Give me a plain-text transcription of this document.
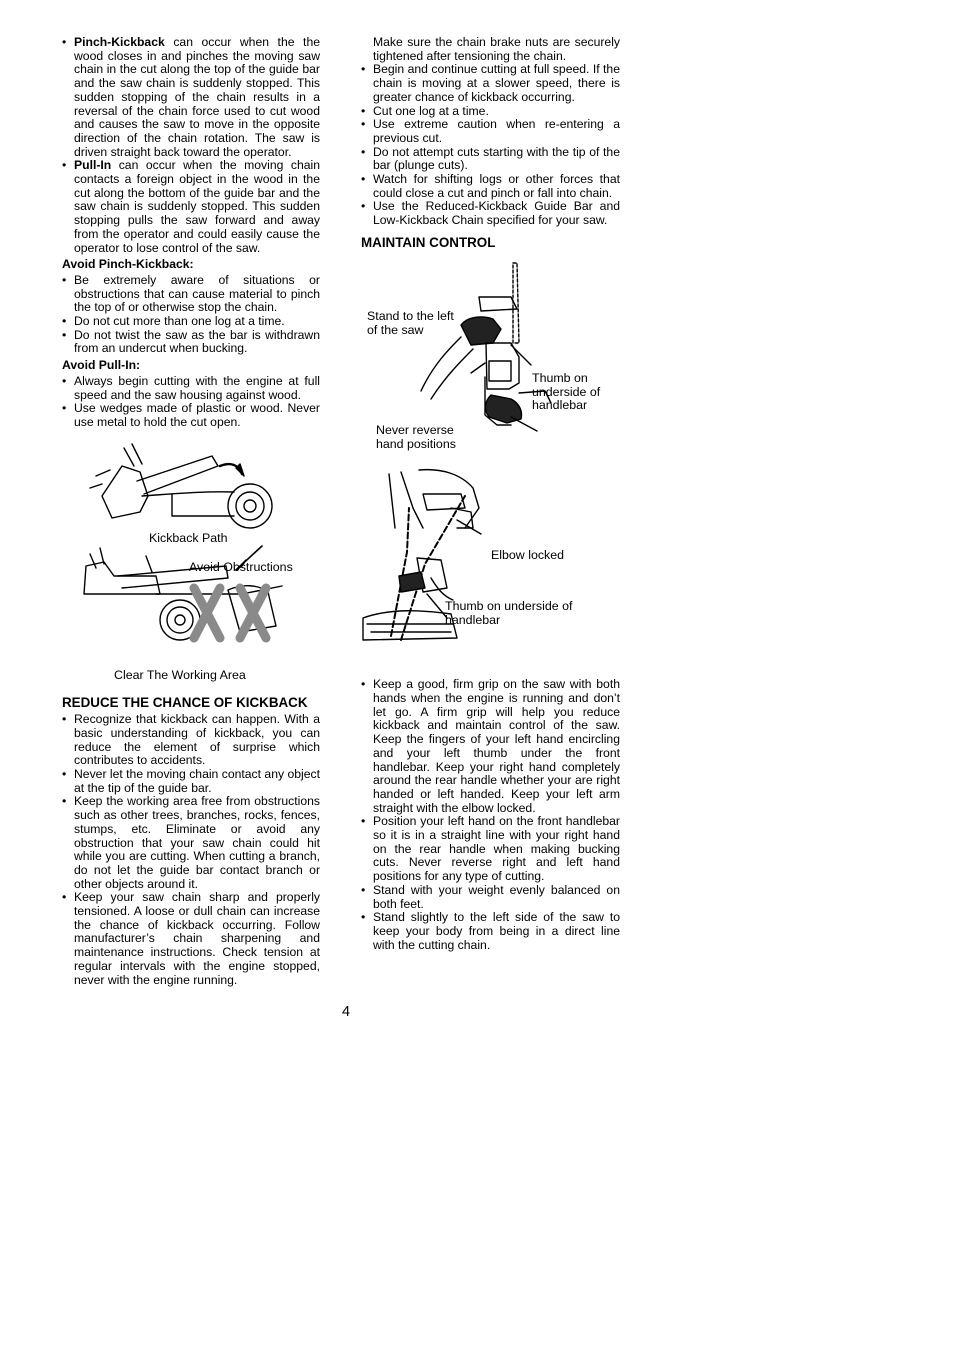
• Pinch-Kickback can occur when the the wood closes in and pinches the moving saw chain in the cut along the top of the guide bar and the saw chain is suddenly stopped. This sudden stopping of the chain results in a reversal of the chain force used to cut wood and causes the saw to move in the opposite direction of the chain rotation. The saw is driven straight back toward the operator.
• Pull-In can occur when the moving chain contacts a foreign object in the wood in the cut along the bottom of the guide bar and the saw chain is suddenly stopped. This sudden stopping pulls the saw forward and away from the operator and could easily cause the operator to lose control of the saw.
Avoid Pinch-Kickback:
• Be extremely aware of situations or obstructions that can cause material to pinch the top of or otherwise stop the chain.
• Do not cut more than one log at a time.
• Do not twist the saw as the bar is withdrawn from an undercut when bucking.
Avoid Pull-In:
• Always begin cutting with the engine at full speed and the saw housing against wood.
• Use wedges made of plastic or wood. Never use metal to hold the cut open.
Kickback Path
Avoid Obstructions
Clear The Working Area
REDUCE THE CHANCE OF KICKBACK
• Recognize that kickback can happen. With a basic understanding of kickback, you can reduce the element of surprise which contributes to accidents.
• Never let the moving chain contact any object at the tip of the guide bar.
• Keep the working area free from obstructions such as other trees, branches, rocks, fences, stumps, etc. Eliminate or avoid any obstruction that your saw chain could hit while you are cutting. When cutting a branch, do not let the guide bar contact branch or other objects around it.
• Keep your saw chain sharp and properly tensioned. A loose or dull chain can increase the chance of kickback occurring. Follow manufacturer’s chain sharpening and maintenance instructions. Check tension at regular intervals with the engine stopped, never with the engine running.

Make sure the chain brake nuts are securely tightened after tensioning the chain.

• Begin and continue cutting at full speed. If the chain is moving at a slower speed, there is greater chance of kickback occurring.
• Cut one log at a time.
• Use extreme caution when re-entering a previous cut.
• Do not attempt cuts starting with the tip of the bar (plunge cuts).
• Watch for shifting logs or other forces that could close a cut and pinch or fall into chain.
• Use the Reduced-Kickback Guide Bar and Low-Kickback Chain specified for your saw.
MAINTAIN CONTROL
Stand to the left
of the saw
Thumb on
underside of
handlebar
Never reverse
hand positions
Elbow locked
Thumb on underside of
handlebar
• Keep a good, firm grip on the saw with both hands when the engine is running and don’t let go. A firm grip will help you reduce kickback and maintain control of the saw. Keep the fingers of your left hand encircling and your left thumb under the front handlebar. Keep your right hand completely around the rear handle whether your are right handed or left handed. Keep your left arm straight with the elbow locked.
• Position your left hand on the front handlebar so it is in a straight line with your right hand on the rear handle when making bucking cuts. Never reverse right and left hand positions for any type of cutting.
• Stand with your weight evenly balanced on both feet.
• Stand slightly to the left side of the saw to keep your body from being in a direct line with the cutting chain.
4
